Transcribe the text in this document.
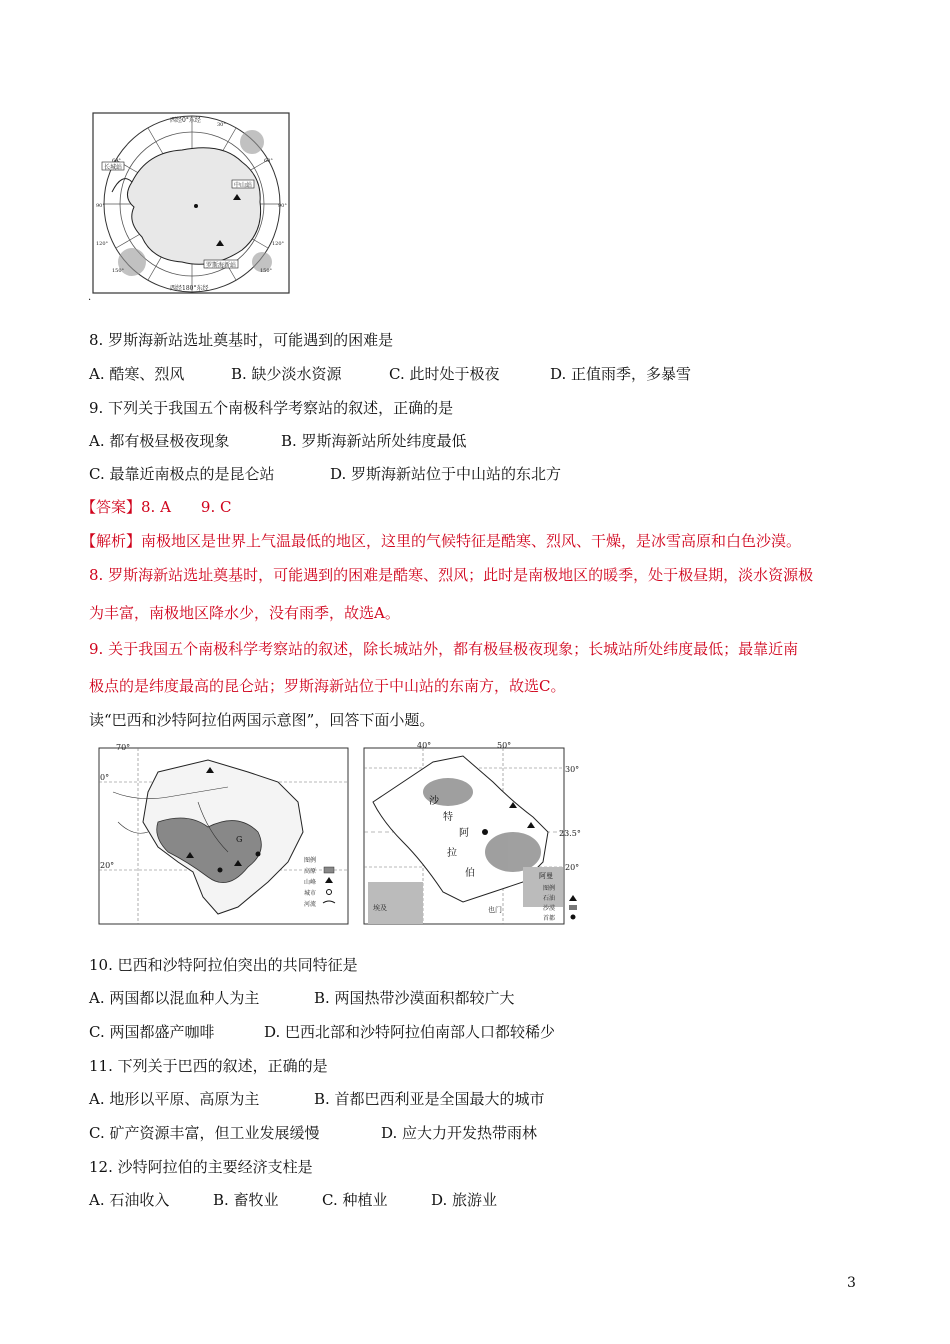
长城站
中山站
罗斯海新站
西经0°东经
西经180°东经
90°
120°
150°
90°
120°
150°
60°	60°
30°
.
8. 罗斯海新站选址奠基时，可能遇到的困难是
A. 酷寒、烈风	B. 缺少淡水资源	C. 此时处于极夜	D. 正值雨季，多暴雪
9. 下列关于我国五个南极科学考察站的叙述，正确的是
A. 都有极昼极夜现象	B. 罗斯海新站所处纬度最低
C. 最靠近南极点的是昆仑站	D. 罗斯海新站位于中山站的东北方
【答案】8. A　　9. C
【解析】南极地区是世界上气温最低的地区，这里的气候特征是酷寒、烈风、干燥，是冰雪高原和白色沙漠。
8. 罗斯海新站选址奠基时，可能遇到的困难是酷寒、烈风；此时是南极地区的暖季，处于极昼期，淡水资源极
为丰富，南极地区降水少，没有雨季，故选A。
9. 关于我国五个南极科学考察站的叙述，除长城站外，都有极昼极夜现象；长城站所处纬度最低；最靠近南
极点的是纬度最高的昆仑站；罗斯海新站位于中山站的东南方，故选C。
读“巴西和沙特阿拉伯两国示意图”，回答下面小题。
70°
0°
20°
G
图例
高原
山峰
城市
河流
40°	50°
30°
23.5°
20°
沙
特
阿
拉
伯
埃及	也门
阿曼
图例
石油
沙漠
首都
10. 巴西和沙特阿拉伯突出的共同特征是
A. 两国都以混血种人为主	B. 两国热带沙漠面积都较广大
C. 两国都盛产咖啡	D. 巴西北部和沙特阿拉伯南部人口都较稀少
11. 下列关于巴西的叙述，正确的是
A. 地形以平原、高原为主	B. 首都巴西利亚是全国最大的城市
C. 矿产资源丰富，但工业发展缓慢	D. 应大力开发热带雨林
12. 沙特阿拉伯的主要经济支柱是
A. 石油收入	B. 畜牧业	C. 种植业	D. 旅游业
3
